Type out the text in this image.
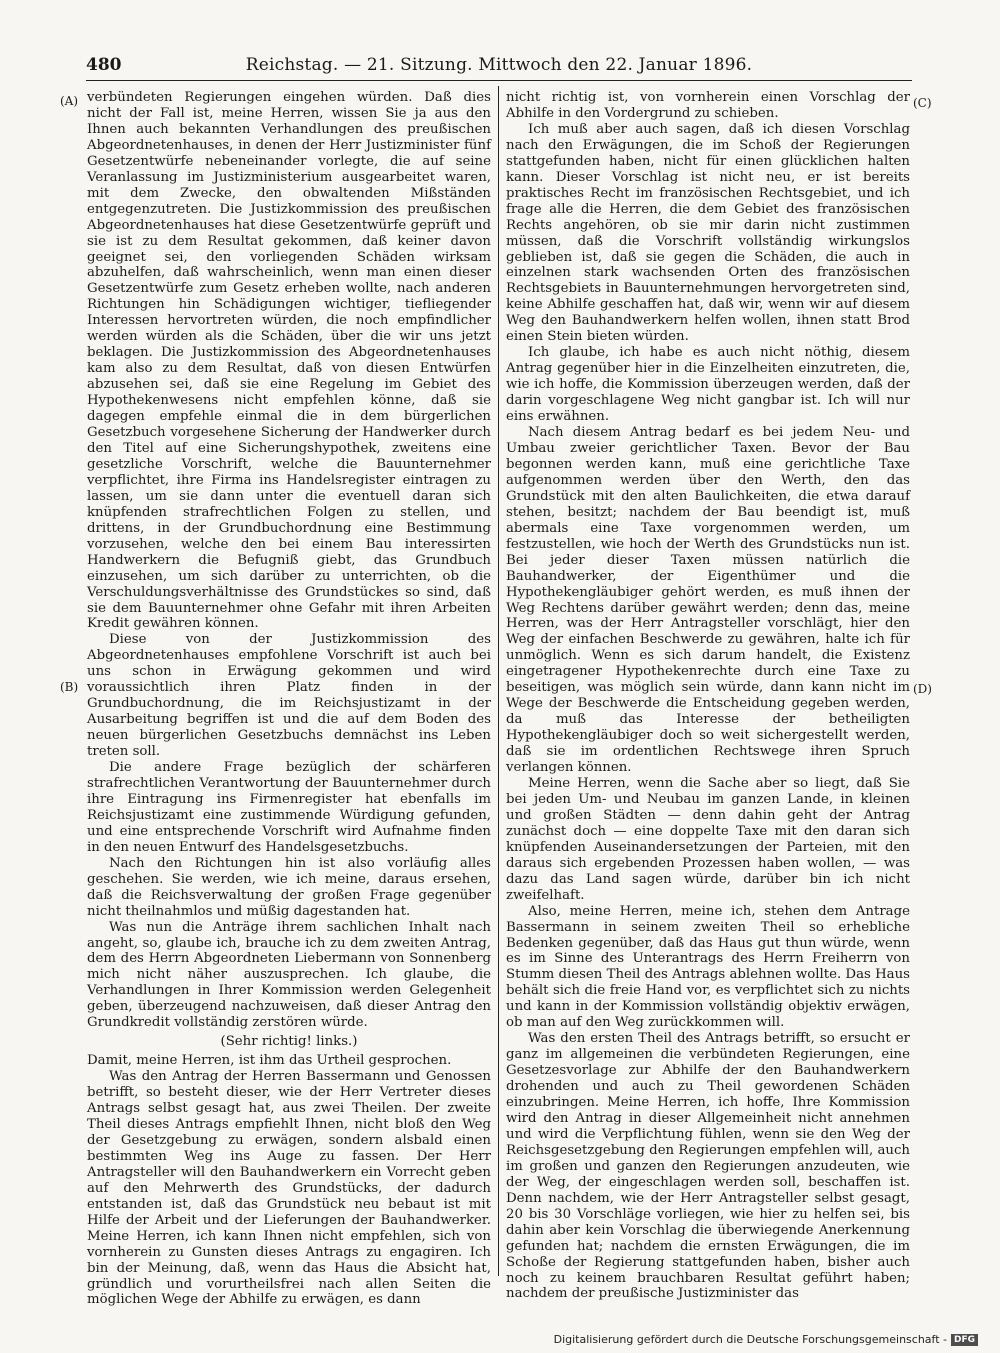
480	Reichstag. — 21. Sitzung. Mittwoch den 22. Januar 1896.
(A)
(B)
(C)
(D)

verbündeten Regierungen eingehen würden. Daß dies nicht der Fall ist, meine Herren, wissen Sie ja aus den Ihnen auch bekannten Verhandlungen des preußischen Abgeordnetenhauses, in denen der Herr Justizminister fünf Gesetzentwürfe nebeneinander vorlegte, die auf seine Veranlassung im Justizministerium ausgearbeitet waren, mit dem Zwecke, den obwaltenden Mißständen entgegenzutreten. Die Justizkommission des preußischen Abgeordnetenhauses hat diese Gesetzentwürfe geprüft und sie ist zu dem Resultat gekommen, daß keiner davon geeignet sei, den vorliegenden Schäden wirksam abzuhelfen, daß wahrscheinlich, wenn man einen dieser Gesetzentwürfe zum Gesetz erheben wollte, nach anderen Richtungen hin Schädigungen wichtiger, tiefliegender Interessen hervortreten würden, die noch empfindlicher werden würden als die Schäden, über die wir uns jetzt beklagen. Die Justizkommission des Abgeordnetenhauses kam also zu dem Resultat, daß von diesen Entwürfen abzusehen sei, daß sie eine Regelung im Gebiet des Hypothekenwesens nicht empfehlen könne, daß sie dagegen empfehle einmal die in dem bürgerlichen Gesetzbuch vorgesehene Sicherung der Handwerker durch den Titel auf eine Sicherungshypothek, zweitens eine gesetzliche Vorschrift, welche die Bauunternehmer verpflichtet, ihre Firma ins Handelsregister eintragen zu lassen, um sie dann unter die eventuell daran sich knüpfenden strafrechtlichen Folgen zu stellen, und drittens, in der Grundbuchordnung eine Bestimmung vorzusehen, welche den bei einem Bau interessirten Handwerkern die Befugniß giebt, das Grundbuch einzusehen, um sich darüber zu unterrichten, ob die Verschuldungsverhältnisse des Grundstückes so sind, daß sie dem Bauunternehmer ohne Gefahr mit ihren Arbeiten Kredit gewähren können.

Diese von der Justizkommission des Abgeordnetenhauses empfohlene Vorschrift ist auch bei uns schon in Erwägung gekommen und wird voraussichtlich ihren Platz finden in der Grundbuchordnung, die im Reichsjustizamt in der Ausarbeitung begriffen ist und die auf dem Boden des neuen bürgerlichen Gesetzbuchs demnächst ins Leben treten soll.

Die andere Frage bezüglich der schärferen strafrechtlichen Verantwortung der Bauunternehmer durch ihre Eintragung ins Firmenregister hat ebenfalls im Reichsjustizamt eine zustimmende Würdigung gefunden, und eine entsprechende Vorschrift wird Aufnahme finden in den neuen Entwurf des Handelsgesetzbuchs.

Nach den Richtungen hin ist also vorläufig alles geschehen. Sie werden, wie ich meine, daraus ersehen, daß die Reichsverwaltung der großen Frage gegenüber nicht theilnahmlos und müßig dagestanden hat.

Was nun die Anträge ihrem sachlichen Inhalt nach angeht, so, glaube ich, brauche ich zu dem zweiten Antrag, dem des Herrn Abgeordneten Liebermann von Sonnenberg mich nicht näher auszusprechen. Ich glaube, die Verhandlungen in Ihrer Kommission werden Gelegenheit geben, überzeugend nachzuweisen, daß dieser Antrag den Grundkredit vollständig zerstören würde.

(Sehr richtig! links.)

Damit, meine Herren, ist ihm das Urtheil gesprochen.

Was den Antrag der Herren Bassermann und Genossen betrifft, so besteht dieser, wie der Herr Vertreter dieses Antrags selbst gesagt hat, aus zwei Theilen. Der zweite Theil dieses Antrags empfiehlt Ihnen, nicht bloß den Weg der Gesetzgebung zu erwägen, sondern alsbald einen bestimmten Weg ins Auge zu fassen. Der Herr Antragsteller will den Bauhandwerkern ein Vorrecht geben auf den Mehrwerth des Grundstücks, der dadurch entstanden ist, daß das Grundstück neu bebaut ist mit Hilfe der Arbeit und der Lieferungen der Bauhandwerker. Meine Herren, ich kann Ihnen nicht empfehlen, sich von vornherein zu Gunsten dieses Antrags zu engagiren. Ich bin der Meinung, daß, wenn das Haus die Absicht hat, gründlich und vorurtheilsfrei nach allen Seiten die möglichen Wege der Abhilfe zu erwägen, es dann

nicht richtig ist, von vornherein einen Vorschlag der Abhilfe in den Vordergrund zu schieben.

Ich muß aber auch sagen, daß ich diesen Vorschlag nach den Erwägungen, die im Schoß der Regierungen stattgefunden haben, nicht für einen glücklichen halten kann. Dieser Vorschlag ist nicht neu, er ist bereits praktisches Recht im französischen Rechtsgebiet, und ich frage alle die Herren, die dem Gebiet des französischen Rechts angehören, ob sie mir darin nicht zustimmen müssen, daß die Vorschrift vollständig wirkungslos geblieben ist, daß sie gegen die Schäden, die auch in einzelnen stark wachsenden Orten des französischen Rechtsgebiets in Bauunternehmungen hervorgetreten sind, keine Abhilfe geschaffen hat, daß wir, wenn wir auf diesem Weg den Bauhandwerkern helfen wollen, ihnen statt Brod einen Stein bieten würden.

Ich glaube, ich habe es auch nicht nöthig, diesem Antrag gegenüber hier in die Einzelheiten einzutreten, die, wie ich hoffe, die Kommission überzeugen werden, daß der darin vorgeschlagene Weg nicht gangbar ist. Ich will nur eins erwähnen.

Nach diesem Antrag bedarf es bei jedem Neu- und Umbau zweier gerichtlicher Taxen. Bevor der Bau begonnen werden kann, muß eine gerichtliche Taxe aufgenommen werden über den Werth, den das Grundstück mit den alten Baulichkeiten, die etwa darauf stehen, besitzt; nachdem der Bau beendigt ist, muß abermals eine Taxe vorgenommen werden, um festzustellen, wie hoch der Werth des Grundstücks nun ist. Bei jeder dieser Taxen müssen natürlich die Bauhandwerker, der Eigenthümer und die Hypothekengläubiger gehört werden, es muß ihnen der Weg Rechtens darüber gewährt werden; denn das, meine Herren, was der Herr Antragsteller vorschlägt, hier den Weg der einfachen Beschwerde zu gewähren, halte ich für unmöglich. Wenn es sich darum handelt, die Existenz eingetragener Hypothekenrechte durch eine Taxe zu beseitigen, was möglich sein würde, dann kann nicht im Wege der Beschwerde die Entscheidung gegeben werden, da muß das Interesse der betheiligten Hypothekengläubiger doch so weit sichergestellt werden, daß sie im ordentlichen Rechtswege ihren Spruch verlangen können.

Meine Herren, wenn die Sache aber so liegt, daß Sie bei jeden Um- und Neubau im ganzen Lande, in kleinen und großen Städten — denn dahin geht der Antrag zunächst doch — eine doppelte Taxe mit den daran sich knüpfenden Auseinandersetzungen der Parteien, mit den daraus sich ergebenden Prozessen haben wollen, — was dazu das Land sagen würde, darüber bin ich nicht zweifelhaft.

Also, meine Herren, meine ich, stehen dem Antrage Bassermann in seinem zweiten Theil so erhebliche Bedenken gegenüber, daß das Haus gut thun würde, wenn es im Sinne des Unterantrags des Herrn Freiherrn von Stumm diesen Theil des Antrags ablehnen wollte. Das Haus behält sich die freie Hand vor, es verpflichtet sich zu nichts und kann in der Kommission vollständig objektiv erwägen, ob man auf den Weg zurückkommen will.

Was den ersten Theil des Antrags betrifft, so ersucht er ganz im allgemeinen die verbündeten Regierungen, eine Gesetzesvorlage zur Abhilfe der den Bauhandwerkern drohenden und auch zu Theil gewordenen Schäden einzubringen. Meine Herren, ich hoffe, Ihre Kommission wird den Antrag in dieser Allgemeinheit nicht annehmen und wird die Verpflichtung fühlen, wenn sie den Weg der Reichsgesetzgebung den Regierungen empfehlen will, auch im großen und ganzen den Regierungen anzudeuten, wie der Weg, der eingeschlagen werden soll, beschaffen ist. Denn nachdem, wie der Herr Antragsteller selbst gesagt, 20 bis 30 Vorschläge vorliegen, wie hier zu helfen sei, bis dahin aber kein Vorschlag die überwiegende Anerkennung gefunden hat; nachdem die ernsten Erwägungen, die im Schoße der Regierung stattgefunden haben, bisher auch noch zu keinem brauchbaren Resultat geführt haben; nachdem der preußische Justizminister das

Digitalisierung gefördert durch die Deutsche Forschungsgemeinschaft - DFG
